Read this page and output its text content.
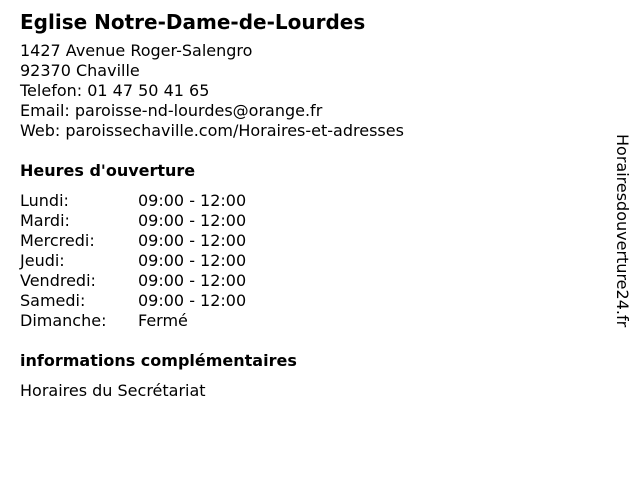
Eglise Notre-Dame-de-Lourdes
1427 Avenue Roger-Salengro
92370 Chaville
Telefon: 01 47 50 41 65
Email: paroisse-nd-lourdes@orange.fr
Web: paroissechaville.com/Horaires-et-adresses
Heures d'ouverture
Lundi:	09:00 - 12:00
Mardi:	09:00 - 12:00
Mercredi:	09:00 - 12:00
Jeudi:	09:00 - 12:00
Vendredi:	09:00 - 12:00
Samedi:	09:00 - 12:00
Dimanche:	Fermé
informations complémentaires
Horaires du Secrétariat
Horairesdouverture24.fr
